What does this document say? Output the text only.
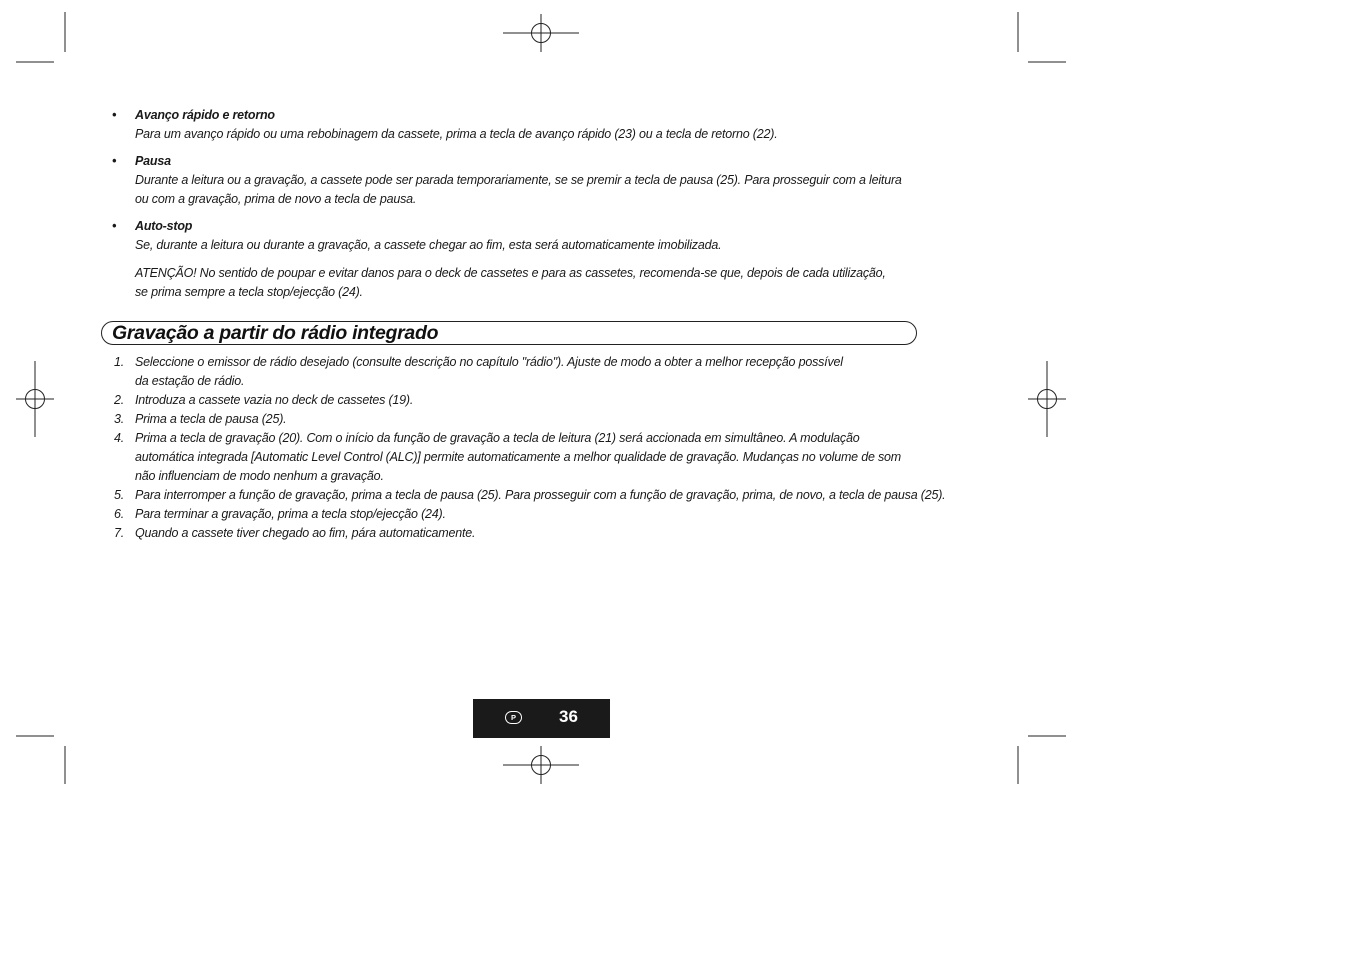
• Avanço rápido e retorno
Para um avanço rápido ou uma rebobinagem da cassete, prima a tecla de avanço rápido (23) ou a tecla de retorno (22).
• Pausa
Durante a leitura ou a gravação, a cassete pode ser parada temporariamente, se se premir a tecla de pausa (25). Para prosseguir com a leitura
ou com a gravação, prima de novo a tecla de pausa.
• Auto-stop
Se, durante a leitura ou durante a gravação, a cassete chegar ao fim, esta será automaticamente imobilizada.
ATENÇÃO! No sentido de poupar e evitar danos para o deck de cassetes e para as cassetes, recomenda-se que, depois de cada utilização,
se prima sempre a tecla stop/ejecção (24).
Gravação a partir do rádio integrado
1. Seleccione o emissor de rádio desejado (consulte descrição no capítulo "rádio"). Ajuste de modo a obter a melhor recepção possível
da estação de rádio.
2. Introduza a cassete vazia no deck de cassetes (19).
3. Prima a tecla de pausa (25).
4. Prima a tecla de gravação (20). Com o início da função de gravação a tecla de leitura (21) será accionada em simultâneo. A modulação
automática integrada [Automatic Level Control (ALC)] permite automaticamente a melhor qualidade de gravação. Mudanças no volume de som
não influenciam de modo nenhum a gravação.
5. Para interromper a função de gravação, prima a tecla de pausa (25). Para prosseguir com a função de gravação, prima, de novo, a tecla de pausa (25).
6. Para terminar a gravação, prima a tecla stop/ejecção (24).
7. Quando a cassete tiver chegado ao fim, pára automaticamente.
P	36
